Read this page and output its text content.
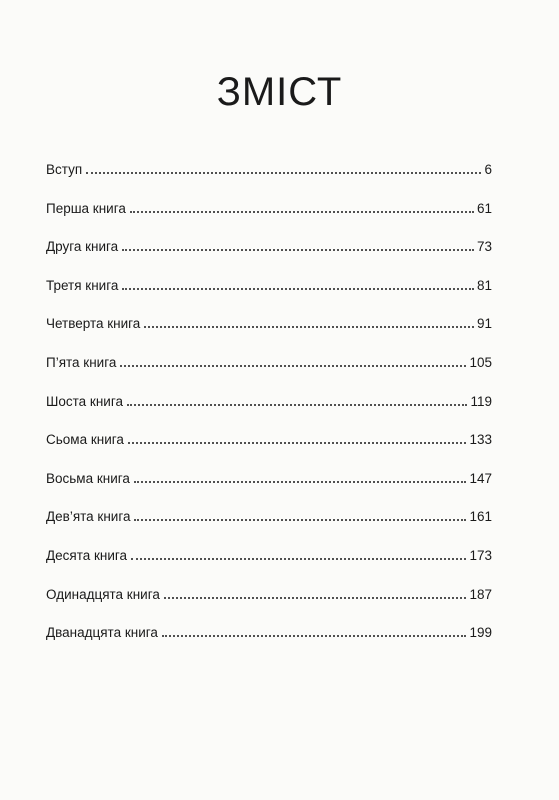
ЗМІСТ
Вступ	6
Перша книга	61
Друга книга	73
Третя книга	81
Четверта книга	91
П’ята книга	105
Шоста книга	119
Сьома книга	133
Восьма книга	147
Дев’ята книга	161
Десята книга	173
Одинадцята книга	187
Дванадцята книга	199
